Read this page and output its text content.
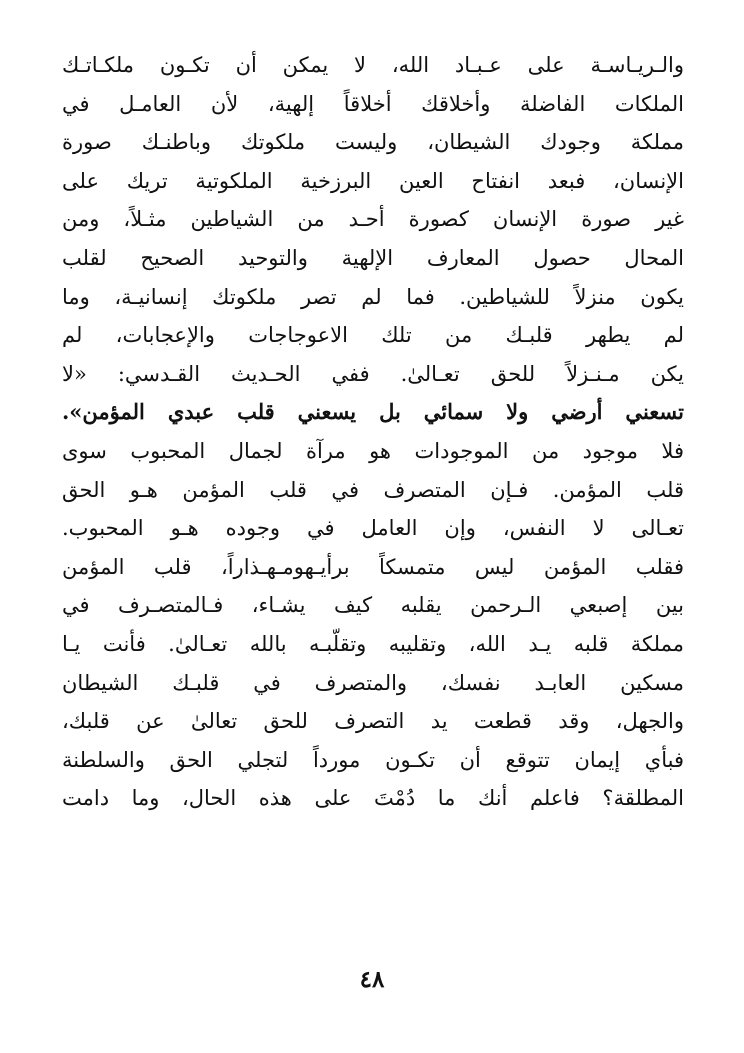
والـريـاسـة على عـبـاد الله، لا يمكن أن تكـون ملكـاتـك
الملكات الفاضلة وأخلاقك أخلاقاً إلهية، لأن العامـل في
مملكة وجودك الشيطان، وليست ملكوتك وباطنـك صورة
الإنسان، فبعد انفتاح العين البرزخية الملكوتية تريك على
غير صورة الإنسان كصورة أحـد من الشياطين مثـلاً، ومن
المحال حصول المعارف الإلهية والتوحيد الصحيح لقلب
يكون منزلاً للشياطين. فما لم تصر ملكوتك إنسانيـة، وما
لم يطهر قلبـك من تلك الاعوجاجات والإعجابات، لم
يكن مـنـزلاً للحق تعـالىٰ. ففي الحـديث القـدسي: «لا
تسعني أرضي ولا سمائي بل يسعني قلب عبدي المؤمن».
فلا موجود من الموجودات هو مرآة لجمال المحبوب سوى
قلب المؤمن. فـإن المتصرف في قلب المؤمن هـو الحق
تعـالى لا النفس، وإن العامل في وجوده هـو المحبوب.
فقلب المؤمن ليس متمسكاً برأيـهومـهـذاراً، قلب المؤمن
بين إصبعي الـرحمن يقلبه كيف يشـاء، فـالمتصـرف في
مملكة قلبه يـد الله، وتقليبه وتقلّبـه بالله تعـالىٰ. فأنت يـا
مسكين العابـد نفسك، والمتصرف في قلبـك الشيطان
والجهل، وقد قطعت يد التصرف للحق تعالىٰ عن قلبك،
فبأي إيمان تتوقع أن تكـون مورداً لتجلي الحق والسلطنة
المطلقة؟ فاعلم أنك ما دُمْتَ على هذه الحال، وما دامت
٤٨
